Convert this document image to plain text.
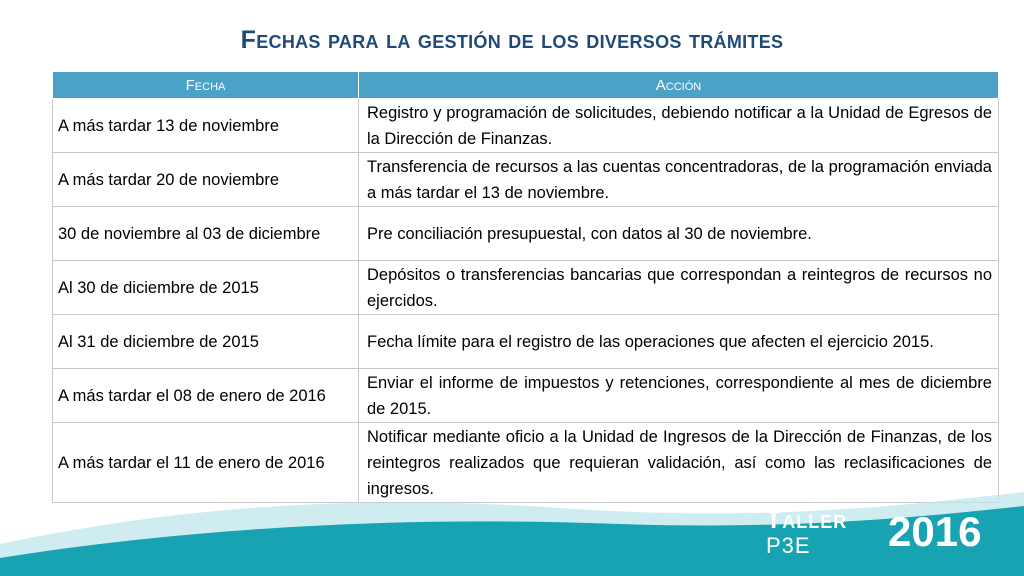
Fechas para la gestión de los diversos trámites
Fecha	Acción
A más tardar 13 de noviembre	Registro y programación de solicitudes, debiendo notificar a la Unidad de Egresos de la Dirección de Finanzas.
A más tardar 20 de noviembre	Transferencia de recursos a las cuentas concentradoras, de la programación enviada a más tardar el 13 de noviembre.
30 de noviembre al 03 de diciembre	Pre conciliación presupuestal, con datos al 30 de noviembre.
Al 30 de diciembre de 2015	Depósitos o transferencias bancarias que correspondan a reintegros de recursos no ejercidos.
Al 31 de diciembre de 2015	Fecha límite para el registro de las operaciones que afecten el ejercicio 2015.
A más tardar el 08 de enero de 2016	Enviar el informe de impuestos y retenciones, correspondiente al mes de diciembre de 2015.
A más tardar el 11 de enero de 2016	Notificar mediante oficio a la Unidad de Ingresos de la Dirección de Finanzas, de los reintegros realizados que requieran validación, así como las reclasificaciones de ingresos.
Taller
P3E	2016
